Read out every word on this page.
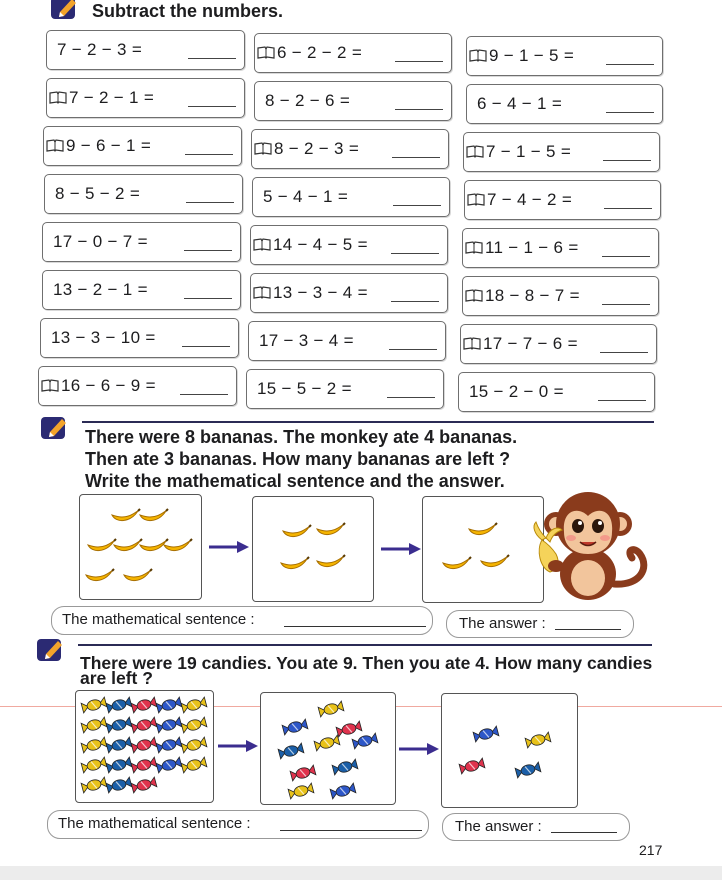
Subtract the numbers.
7 − 2 − 3 =	6 − 2 − 2 =	9 − 1 − 5 =
7 − 2 − 1 =	8 − 2 − 6 =	6 − 4 − 1 =
9 − 6 − 1 =	8 − 2 − 3 =	7 − 1 − 5 =
8 − 5 − 2 =	5 − 4 − 1 =	7 − 4 − 2 =
17 − 0 − 7 =	14 − 4 − 5 =	11 − 1 − 6 =
13 − 2 − 1 =	13 − 3 − 4 =	18 − 8 − 7 =
13 − 3 − 10 =	17 − 3 − 4 =	17 − 7 − 6 =
16 − 6 − 9 =	15 − 5 − 2 =	15 − 2 − 0 =
There were 8 bananas. The monkey ate 4 bananas.
Then ate 3 bananas. How many bananas are left ?
Write the mathematical sentence and the answer.
The mathematical sentence :	The answer :
There were 19 candies. You ate 9. Then you ate 4. How many candies
are left ?
The mathematical sentence :	The answer :
217
